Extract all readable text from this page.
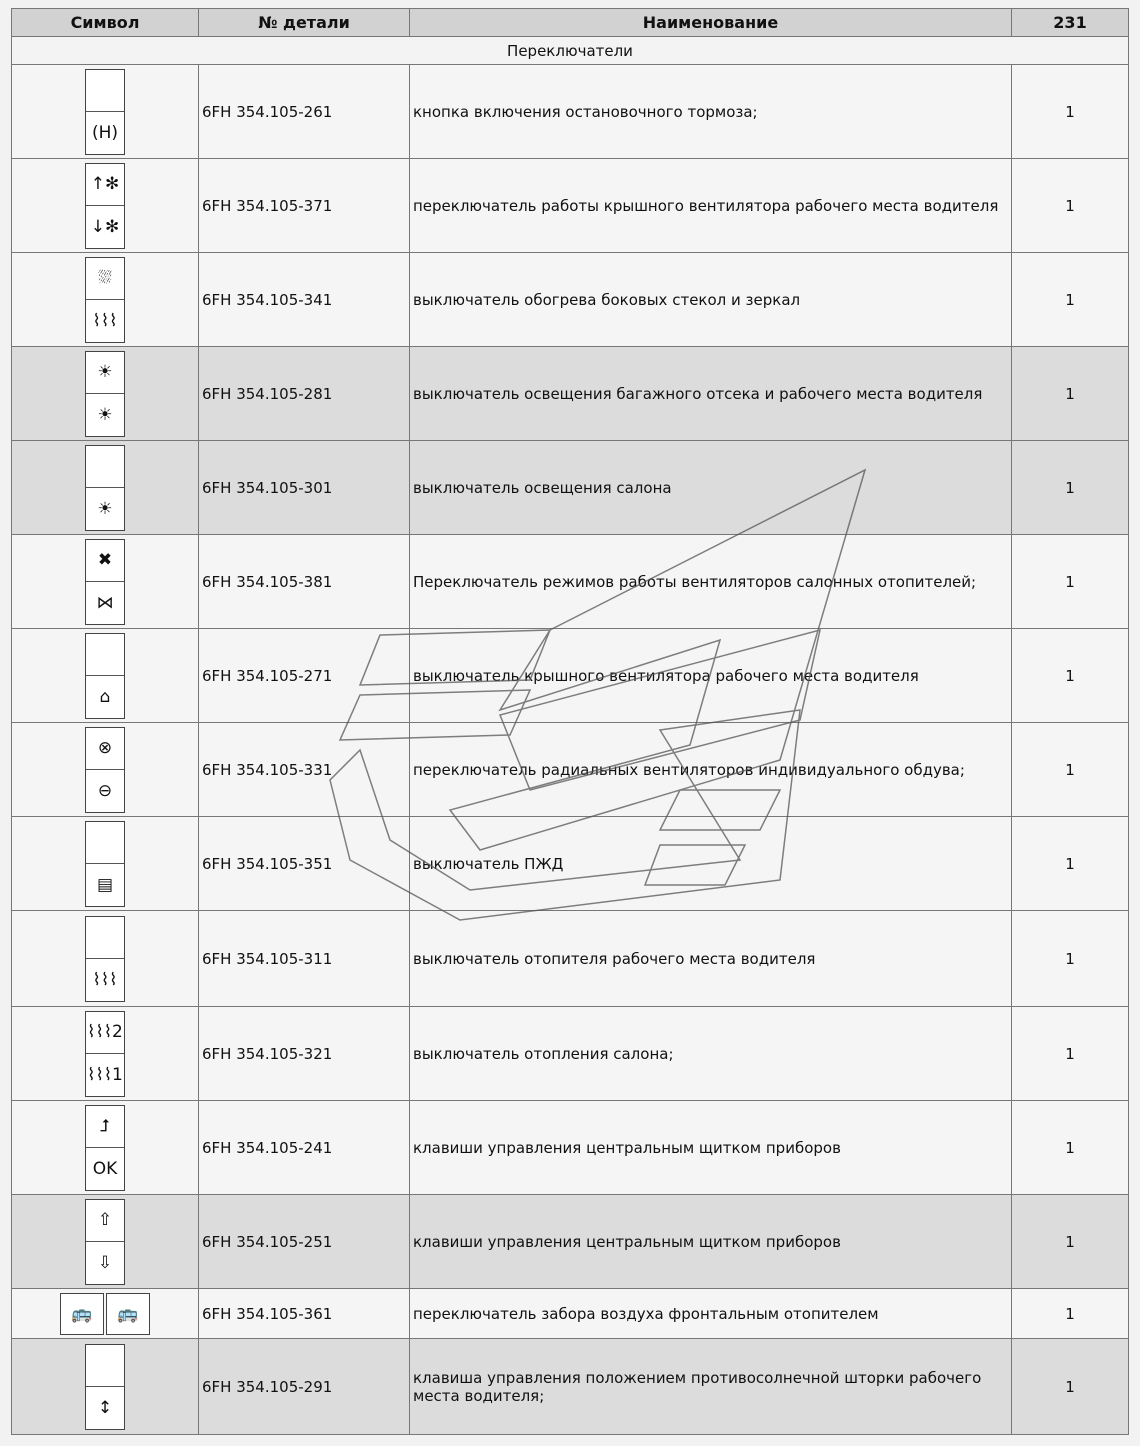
Символ	№ детали	Наименование	231
Переключатели			

(H)	6FH 354.105-261	кнопка включения остановочного тормоза;	1

↑✻
↓✻	6FH 354.105-371	переключатель работы крышного вентилятора рабочего места водителя	1

⛆
⌇⌇⌇	6FH 354.105-341	выключатель обогрева боковых стекол и зеркал	1

☀
☀	6FH 354.105-281	выключатель освещения багажного отсека и рабочего места водителя	1

☀	6FH 354.105-301	выключатель освещения салона	1

✖
⋈	6FH 354.105-381	Переключатель режимов работы вентиляторов салонных отопителей;	1

⌂	6FH 354.105-271	выключатель крышного вентилятора рабочего места водителя	1

⊗
⊖	6FH 354.105-331	переключатель радиальных вентиляторов индивидуального обдува;	1

▤	6FH 354.105-351	выключатель ПЖД	1

⌇⌇⌇	6FH 354.105-311	выключатель отопителя рабочего места водителя	1

$\frac{⌇⌇⌇2}{⌇⌇⌇1}$	6FH 354.105-321	выключатель отопления салона;	1

⮥
OK	6FH 354.105-241	клавиши управления центральным щитком приборов	1

⇧
⇩	6FH 354.105-251	клавиши управления центральным щитком приборов	1

🚌 🚌	6FH 354.105-361	переключатель забора воздуха фронтальным отопителем	1

↕	6FH 354.105-291	клавиша управления положением противосолнечной шторки рабочего места водителя;	1
